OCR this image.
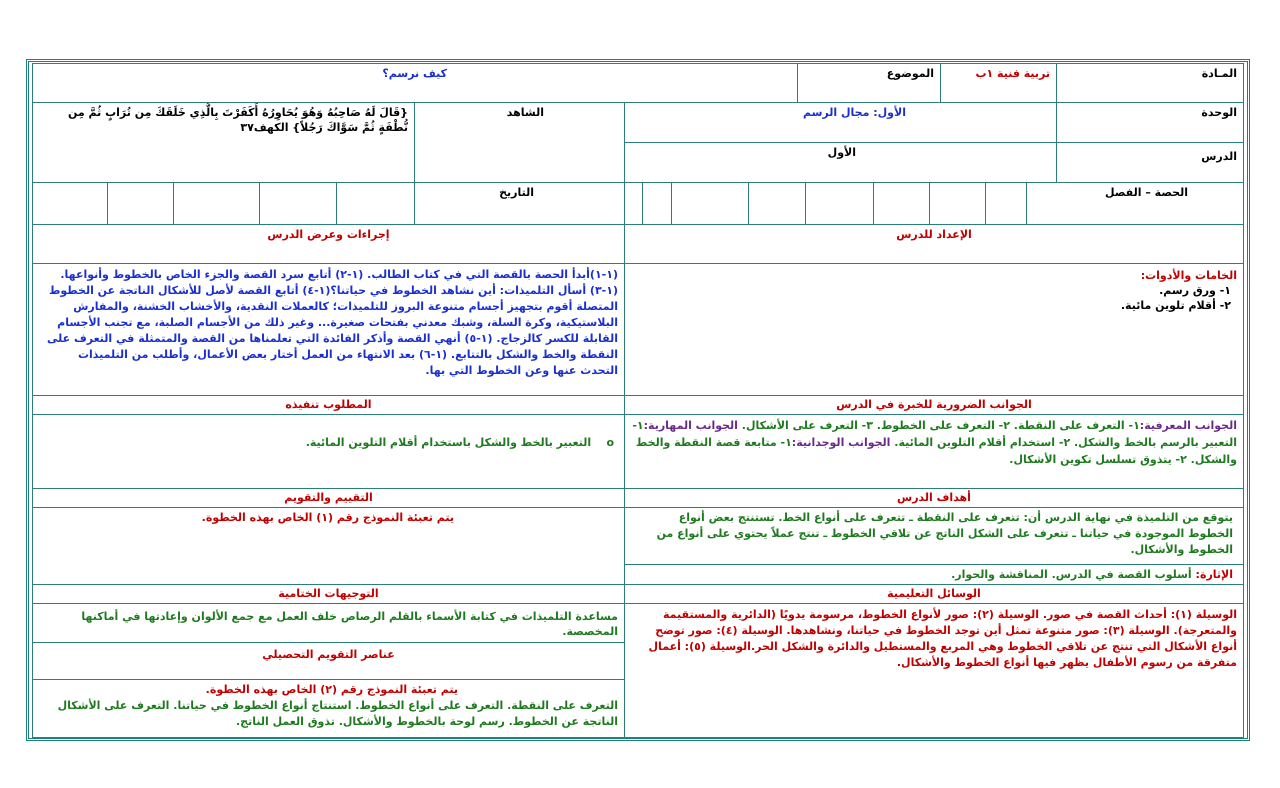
المـادة
تربية فنية ١ب
الموضوع
كيف نرسم؟
الوحدة
الأول: مجال الرسم
الشاهد
{قَالَ لَهُ صَاحِبُهُ وَهُوَ يُحَاوِرُهُ أَكَفَرْتَ بِالَّذِي خَلَقَكَ مِن تُرَابٍ ثُمَّ مِن نُّطْفَةٍ ثُمَّ سَوَّاكَ رَجُلاً} الكهف٣٧
الدرس
الأول
الحصة – الفصل
التاريخ
الإعداد للدرس
إجراءات وعرض الدرس
الخامات والأدوات:
١- ورق رسم.
٢- أقلام تلوين مائية.
(١-١)أبدأ الحصة بالقصة التي في كتاب الطالب. (١-٢) أتابع سرد القصة والجزء الخاص بالخطوط وأنواعها.(١-٣) أسأل التلميذات: أين نشاهد الخطوط في حياتنا؟(١-٤) أتابع القصة لأصل للأشكال الناتجة عن الخطوط المتصلة أقوم بتجهيز أجسام متنوعة البروز للتلميذات؛ كالعملات النقدية، والأخشاب الخشنة، والمفارش البلاستيكية، وكرة السلة، وشبك معدني بفتحات صغيرة... وغير ذلك من الأجسام الصلبة، مع تجنب الأجسام القابلة للكسر كالزجاج. (١-٥) أنهي القصة وأذكر الفائدة التي تعلمناها من القصة والمتمثلة في التعرف على النقطة والخط والشكل بالتتابع. (١-٦) بعد الانتهاء من العمل أختار بعض الأعمال، وأطلب من التلميذات التحدث عنها وعن الخطوط التي بها.
الجوانب الضرورية للخبرة في الدرس
المطلوب تنفيذه
الجوانب المعرفية:١- التعرف على النقطة. ٢- التعرف على الخطوط. ٣- التعرف على الأشكال. الجوانب المهارية:١- التعبير بالرسم بالخط والشكل. ٢- استخدام أقلام التلوين المائية. الجوانب الوجدانية:١- متابعة قصة النقطة والخط والشكل. ٢- يتذوق تسلسل تكوين الأشكال.
o    التعبير بالخط والشكل باستخدام أقلام التلوين المائية.
أهداف الدرس
التقييم والتقويم
يتوقع من التلميذة في نهاية الدرس أن: تتعرف على النقطة ـ تتعرف على أنواع الخط. تستنتج بعض أنواع الخطوط الموجودة في حياتنا ـ تتعرف على الشكل الناتج عن تلاقي الخطوط ـ تنتج عملاً يحتوي على أنواع من الخطوط والأشكال.
يتم تعبئة النموذج رقم (١) الخاص بهذه الخطوة.
الإثارة: أسلوب القصة في الدرس. المناقشة والحوار.
الوسائل التعليمية
التوجيهات الختامية
الوسيلة (١): أحداث القصة في صور. الوسيلة (٢): صور لأنواع الخطوط، مرسومة يدويًا (الدائرية والمستقيمة والمتعرجة). الوسيلة (٣): صور متنوعة تمثل أين توجد الخطوط في حياتنا، ونشاهدها. الوسيلة (٤): صور توضح أنواع الأشكال التي تنتج عن تلاقي الخطوط وهي المربع والمستطيل والدائرة والشكل الحر.الوسيلة (٥): أعمال متفرقة من رسوم الأطفال يظهر فيها أنواع الخطوط والأشكال.
مساعدة التلميذات في كتابة الأسماء بالقلم الرصاص خلف العمل مع جمع الألوان وإعادتها في أماكنها المخصصة.
عناصر التقويم التحصيلي
يتم تعبئة النموذج رقم (٢) الخاص بهذه الخطوة.
التعرف على النقطة. التعرف على أنواع الخطوط. استنتاج أنواع الخطوط في حياتنا. التعرف على الأشكال الناتجة عن الخطوط. رسم لوحة بالخطوط والأشكال. تذوق العمل الناتج.
